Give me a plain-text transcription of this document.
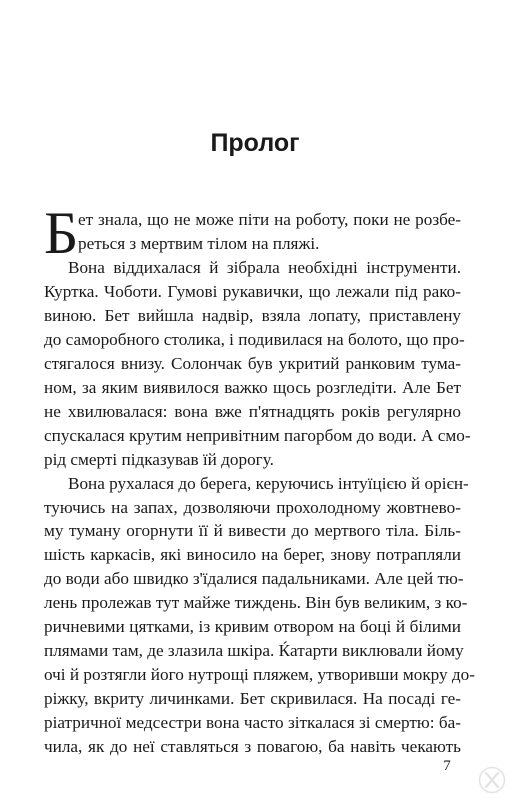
Пролог
Б ет знала, що не може піти на роботу, поки не розбе-
реться з мертвим тілом на пляжі.
Вона віддихалася й зібрала необхідні інструменти.
Куртка. Чоботи. Гумові рукавички, що лежали під рако-
виною. Бет вийшла надвір, взяла лопату, приставлену
до саморобного столика, і подивилася на болото, що про-
стягалося внизу. Солончак був укритий ранковим тума-
ном, за яким виявилося важко щось розгледіти. Але Бет
не хвилювалася: вона вже п'ятнадцять років регулярно
спускалася крутим непривітним пагорбом до води. А смо-
рід смерті підказував їй дорогу.
Вона рухалася до берега, керуючись інтуїцією й орієн-
туючись на запах, дозволяючи прохолодному жовтнево-
му туману огорнути її й вивести до мертвого тіла. Біль-
шість каркасів, які виносило на берег, знову потрапляли
до води або швидко з'їдалися падальниками. Але цей тю-
лень пролежав тут майже тиждень. Він був великим, з ко-
ричневими цятками, із кривим отвором на боці й білими
плямами там, де злазила шкіра. Ќатарти виклювали йому
очі й розтягли його нутрощі пляжем, утворивши мокру до-
ріжку, вкриту личинками. Бет скривилася. На посаді ге-
ріатричної медсестри вона часто зіткалася зі смертю: ба-
чила, як до неї ставляться з повагою, ба навіть чекають
7
